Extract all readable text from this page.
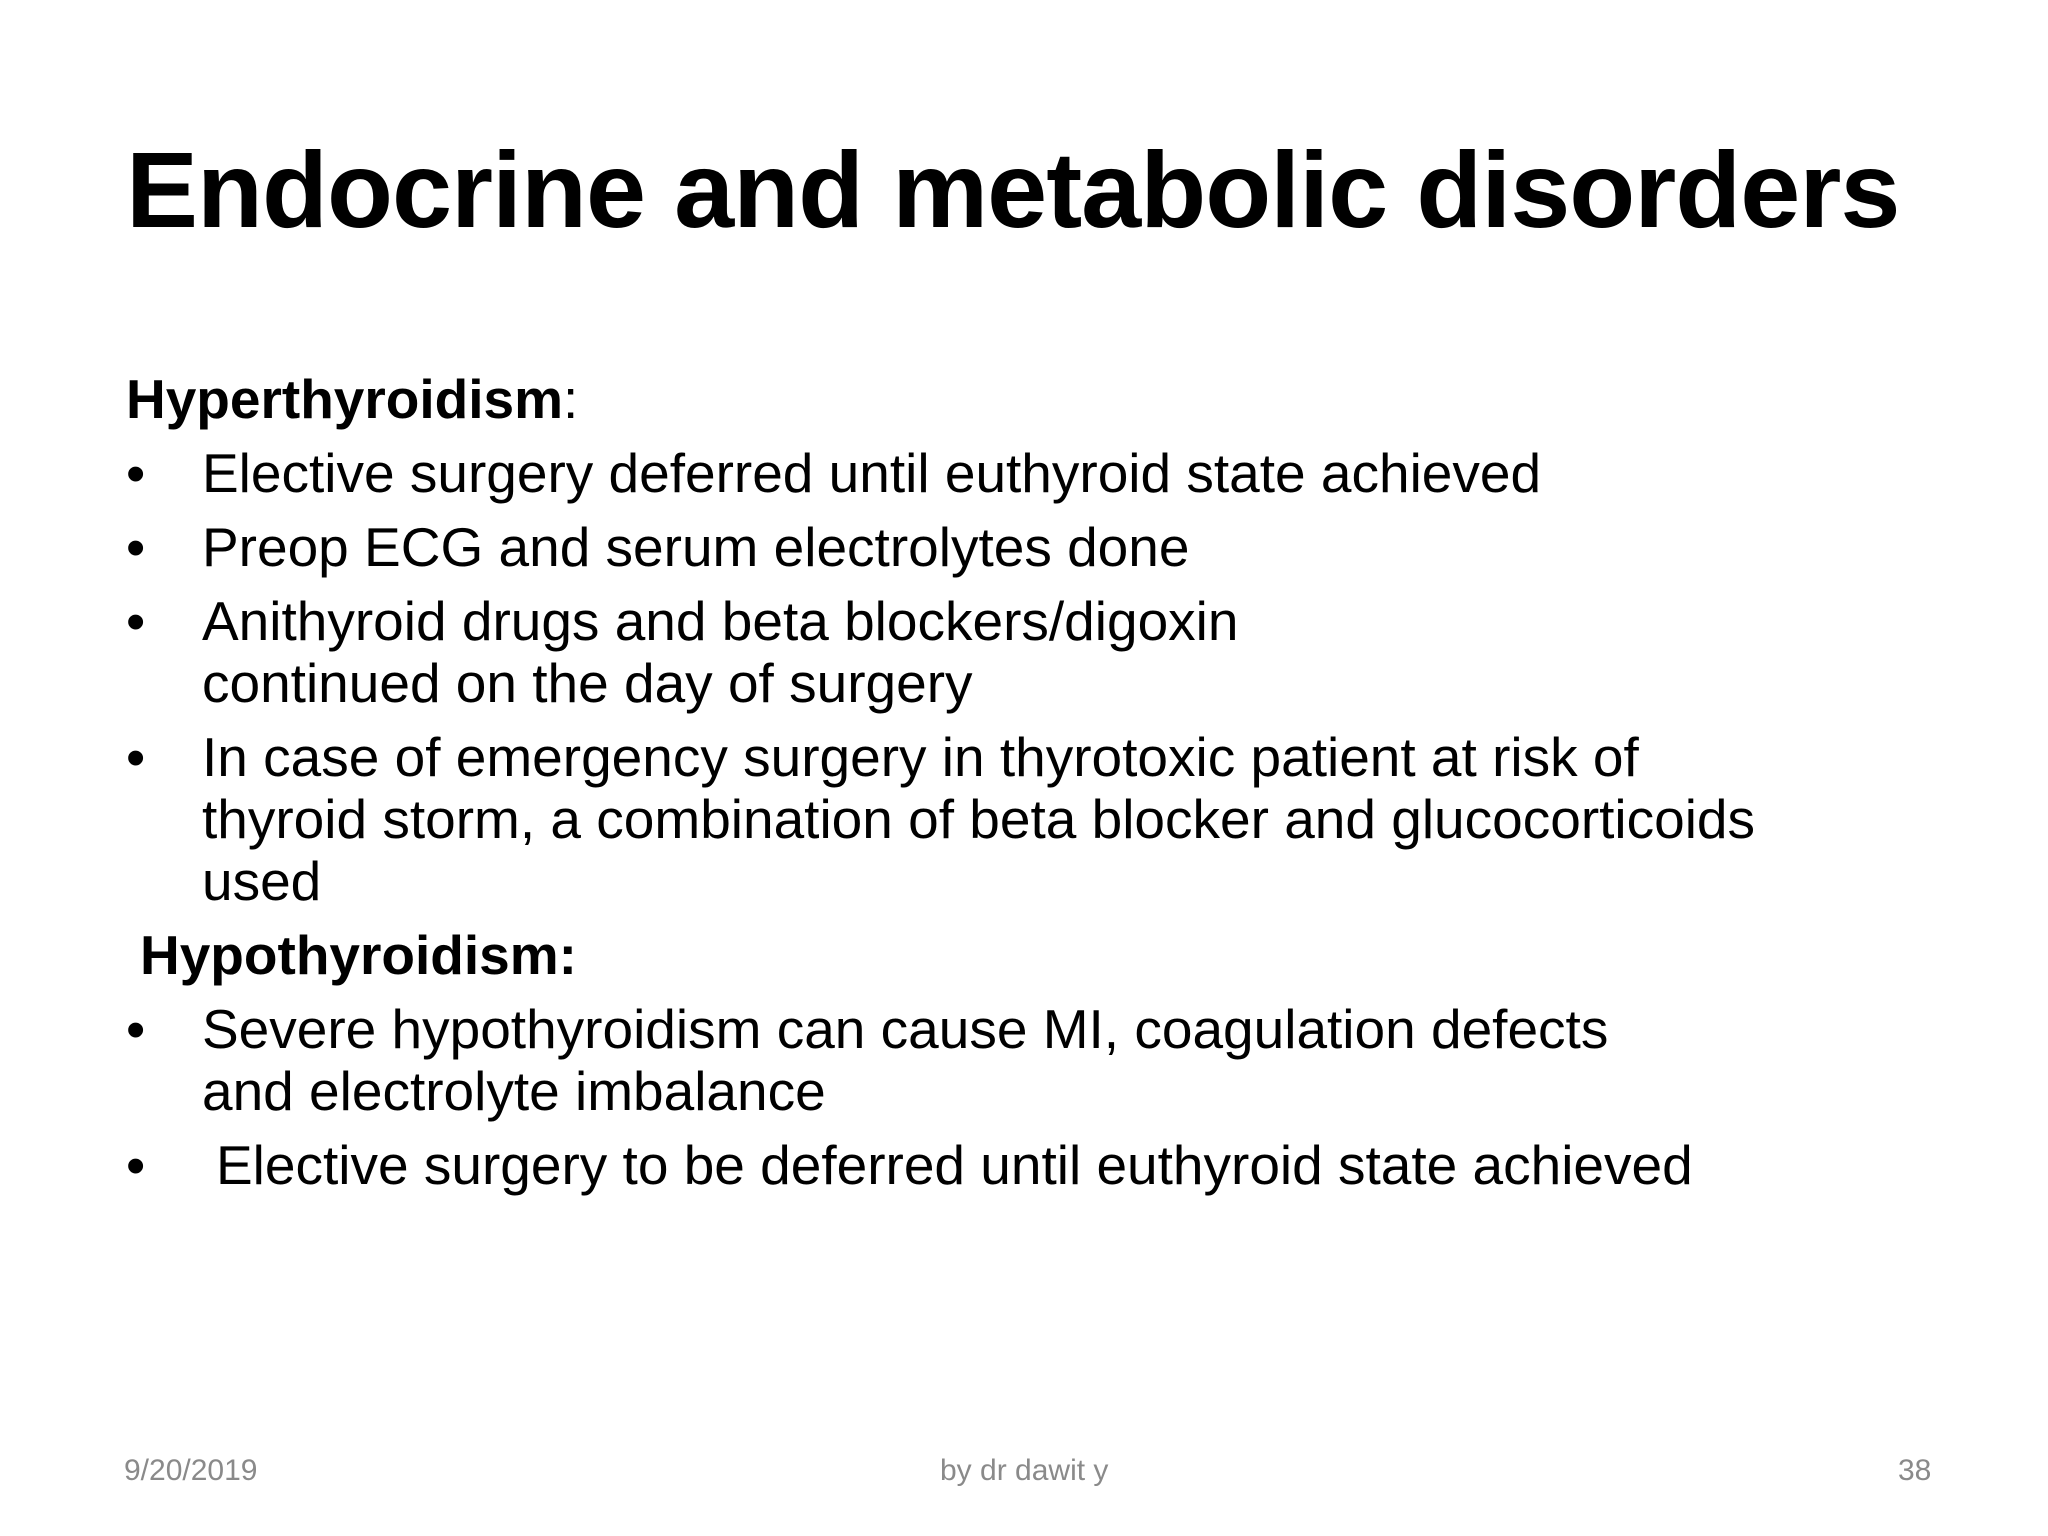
Endocrine and metabolic disorders
Hyperthyroidism:
• Elective surgery deferred until euthyroid state achieved
• Preop ECG and serum electrolytes done
• Anithyroid drugs and beta blockers/digoxin continued on the day of surgery
• In case of emergency surgery in thyrotoxic patient at risk of thyroid storm, a combination of beta blocker and glucocorticoids used
Hypothyroidism:
• Severe hypothyroidism can cause MI, coagulation defects and electrolyte imbalance
• Elective surgery to be deferred until euthyroid state achieved
9/20/2019	by dr dawit y	38
